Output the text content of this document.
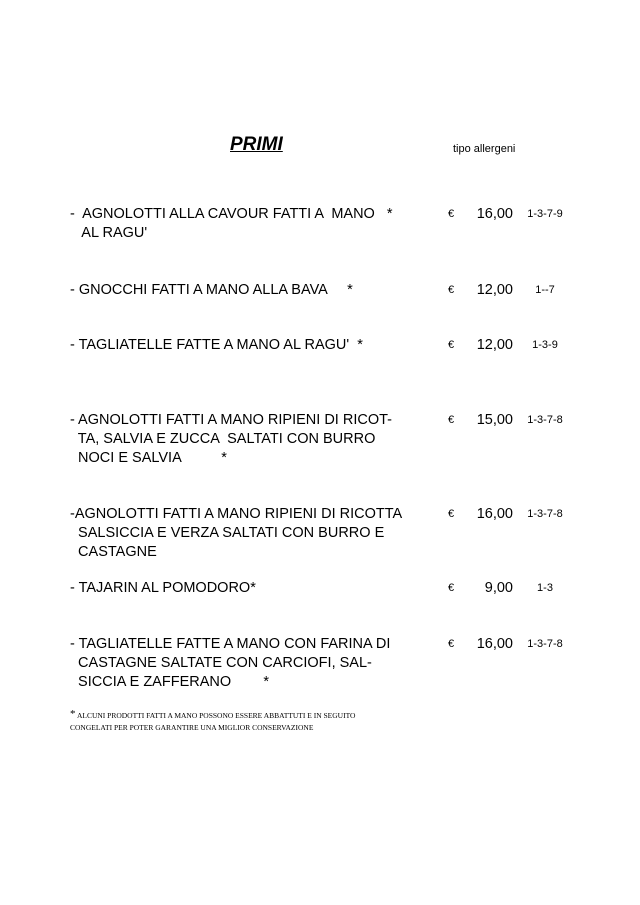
PRIMI	tipo allergeni
-  AGNOLOTTI ALLA CAVOUR FATTI A  MANO   *
AL RAGU'
€	16,00	1-3-7-9
- GNOCCHI FATTI A MANO ALLA BAVA     *	€	12,00	1--7
- TAGLIATELLE FATTE A MANO AL RAGU'  *	€	12,00	1-3-9
- AGNOLOTTI FATTI A MANO RIPIENI DI RICOT-
TA, SALVIA E ZUCCA  SALTATI CON BURRO
NOCI E SALVIA          *
€	15,00	1-3-7-8
-AGNOLOTTI FATTI A MANO RIPIENI DI RICOTTA
SALSICCIA E VERZA SALTATI CON BURRO E
CASTAGNE
€	16,00	1-3-7-8
- TAJARIN AL POMODORO*	€	9,00	1-3
- TAGLIATELLE FATTE A MANO CON FARINA DI
CASTAGNE SALTATE CON CARCIOFI, SAL-
SICCIA E ZAFFERANO        *
€	16,00	1-3-7-8
* ALCUNI PRODOTTI FATTI A MANO POSSONO ESSERE ABBATTUTI E IN SEGUITO
CONGELATI PER POTER GARANTIRE UNA MIGLIOR CONSERVAZIONE
